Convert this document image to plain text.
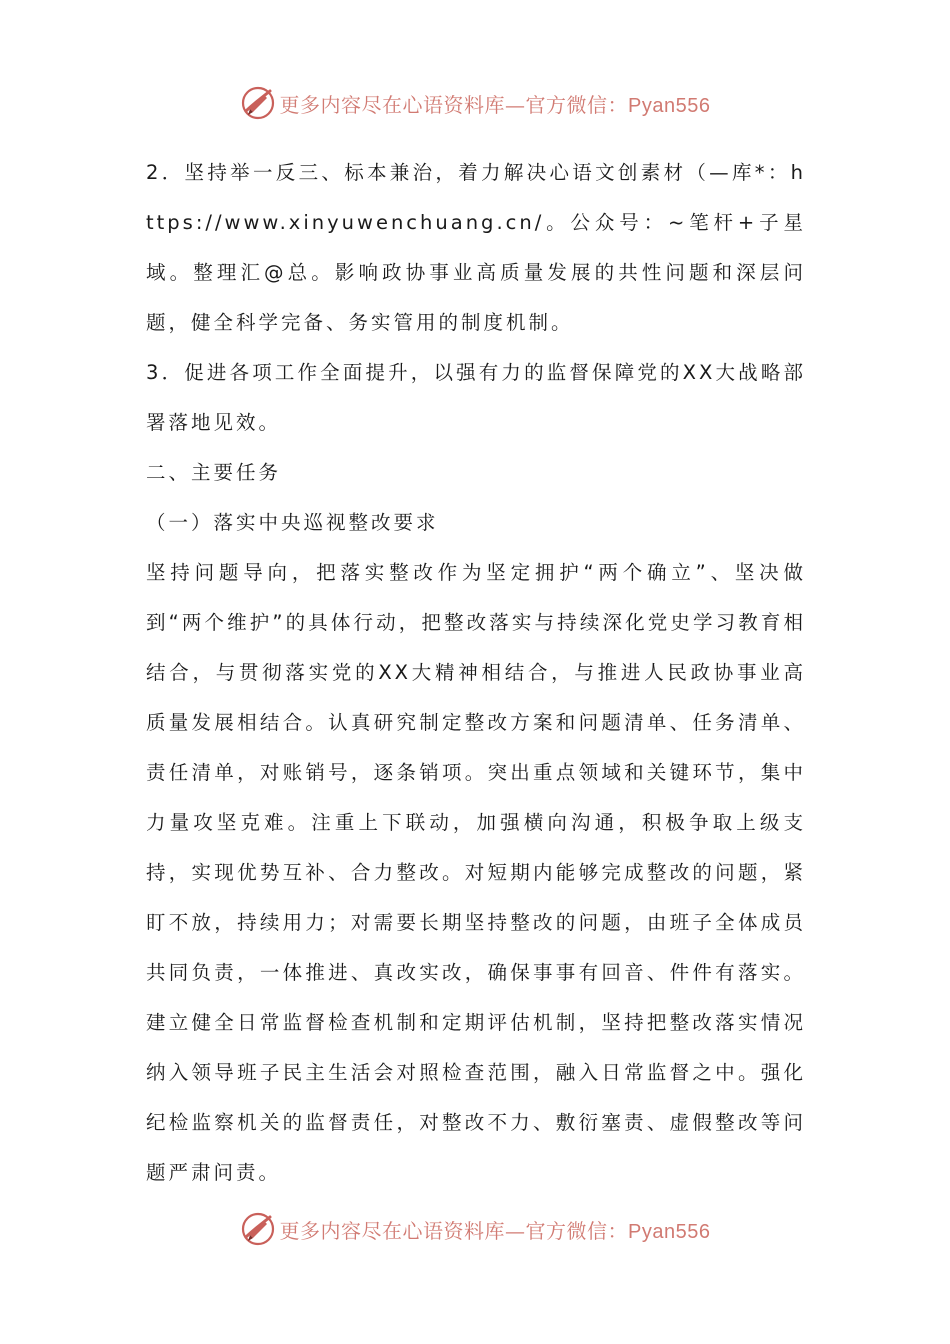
更多内容尽在心语资料库—官方微信：Pyan556

2．坚持举一反三、标本兼治，着力解决心语文创素材（—库*：https://www.xinyuwenchuang.cn/。公众号：~笔杆+子星域。整理汇@总。影响政协事业高质量发展的共性问题和深层问题，健全科学完备、务实管用的制度机制。

3．促进各项工作全面提升，以强有力的监督保障党的XX大战略部署落地见效。

二、主要任务

（一）落实中央巡视整改要求

坚持问题导向，把落实整改作为坚定拥护“两个确立”、坚决做到“两个维护”的具体行动，把整改落实与持续深化党史学习教育相结合，与贯彻落实党的XX大精神相结合，与推进人民政协事业高质量发展相结合。认真研究制定整改方案和问题清单、任务清单、责任清单，对账销号，逐条销项。突出重点领域和关键环节，集中力量攻坚克难。注重上下联动，加强横向沟通，积极争取上级支持，实现优势互补、合力整改。对短期内能够完成整改的问题，紧盯不放，持续用力；对需要长期坚持整改的问题，由班子全体成员共同负责，一体推进、真改实改，确保事事有回音、件件有落实。建立健全日常监督检查机制和定期评估机制，坚持把整改落实情况纳入领导班子民主生活会对照检查范围，融入日常监督之中。强化纪检监察机关的监督责任，对整改不力、敷衍塞责、虚假整改等问题严肃问责。

更多内容尽在心语资料库—官方微信：Pyan556
